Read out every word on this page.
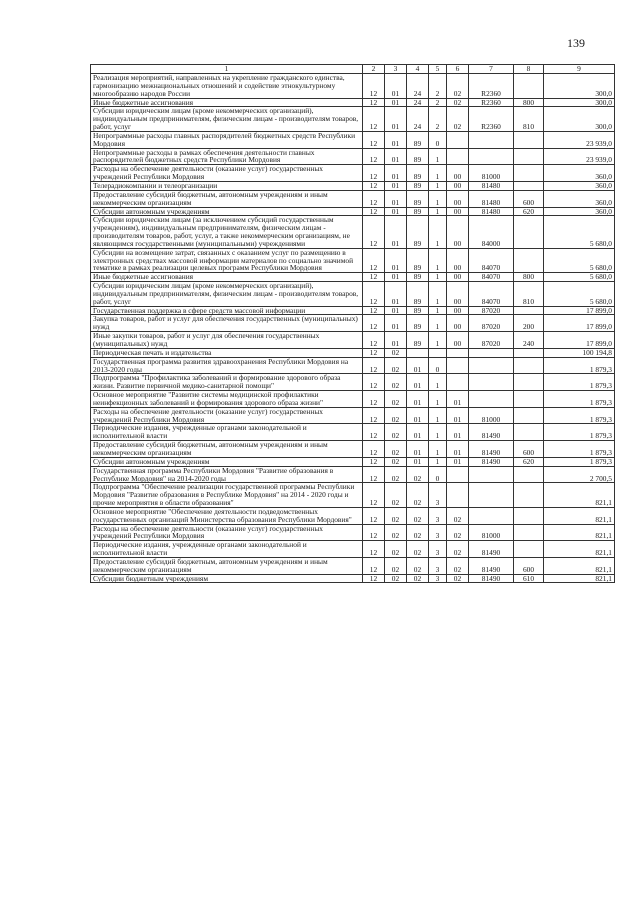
139
1	2	3	4	5	6	7	8	9
Реализация мероприятий, направленных на укрепление гражданского единства, гармонизацию межнациональных отношений и содействие этнокультурному многообразию народов России	12	01	24	2	02	R2360		300,0
Иные бюджетные ассигнования	12	01	24	2	02	R2360	800	300,0
Субсидии юридическим лицам (кроме некоммерческих организаций), индивидуальным предпринимателям, физическим лицам - производителям товаров, работ, услуг	12	01	24	2	02	R2360	810	300,0
Непрограммные расходы главных распорядителей бюджетных средств Республики Мордовия	12	01	89	0				23 939,0
Непрограммные расходы в рамках обеспечения деятельности главных распорядителей бюджетных средств Республики Мордовия	12	01	89	1				23 939,0
Расходы на обеспечение деятельности (оказание услуг) государственных учреждений Республики Мордовия	12	01	89	1	00	81000		360,0
Телерадиокомпании и телеорганизации	12	01	89	1	00	81480		360,0
Предоставление субсидий бюджетным, автономным учреждениям и иным некоммерческим организациям	12	01	89	1	00	81480	600	360,0
Субсидии автономным учреждениям	12	01	89	1	00	81480	620	360,0
Субсидии юридическим лицам (за исключением субсидий государственным учреждениям), индивидуальным предпринимателям, физическим лицам - производителям товаров, работ, услуг, а также некоммерческим организациям, не являющимся государственными (муниципальными) учреждениями	12	01	89	1	00	84000		5 680,0
Субсидии на возмещение затрат, связанных с оказанием услуг по размещению в электронных средствах массовой информации материалов по социально значимой тематике в рамках реализации целевых программ Республики Мордовия	12	01	89	1	00	84070		5 680,0
Иные бюджетные ассигнования	12	01	89	1	00	84070	800	5 680,0
Субсидии юридическим лицам (кроме некоммерческих организаций), индивидуальным предпринимателям, физическим лицам - производителям товаров, работ, услуг	12	01	89	1	00	84070	810	5 680,0
Государственная поддержка в сфере средств массовой информации	12	01	89	1	00	87020		17 899,0
Закупка товаров, работ и услуг для обеспечения государственных (муниципальных) нужд	12	01	89	1	00	87020	200	17 899,0
Иные закупки товаров, работ и услуг для обеспечения государственных (муниципальных) нужд	12	01	89	1	00	87020	240	17 899,0
Периодическая печать и издательства	12	02						100 194,8
Государственная программа развития здравоохранения Республики Мордовия на 2013-2020 годы	12	02	01	0				1 879,3
Подпрограмма "Профилактика заболеваний и формирование здорового образа жизни. Развитие первичной медико-санитарной помощи"	12	02	01	1				1 879,3
Основное мероприятие "Развитие системы медицинской профилактики неинфекционных заболеваний и формирования здорового образа жизни"	12	02	01	1	01			1 879,3
Расходы на обеспечение деятельности (оказание услуг) государственных учреждений Республики Мордовия	12	02	01	1	01	81000		1 879,3
Периодические издания, учрежденные органами законодательной и исполнительной власти	12	02	01	1	01	81490		1 879,3
Предоставление субсидий бюджетным, автономным учреждениям и иным некоммерческим организациям	12	02	01	1	01	81490	600	1 879,3
Субсидии автономным учреждениям	12	02	01	1	01	81490	620	1 879,3
Государственная программа Республики Мордовия "Развитие образования в Республике Мордовия" на 2014-2020 годы	12	02	02	0				2 700,5
Подпрограмма "Обеспечение реализации государственной программы Республики Мордовия "Развитие образования в Республике Мордовия" на 2014 - 2020 годы и прочие мероприятия в области образования"	12	02	02	3				821,1
Основное мероприятие "Обеспечение деятельности подведомственных государственных организаций Министерства образования Республики Мордовия"	12	02	02	3	02			821,1
Расходы на обеспечение деятельности (оказание услуг) государственных учреждений Республики Мордовия	12	02	02	3	02	81000		821,1
Периодические издания, учрежденные органами законодательной и исполнительной власти	12	02	02	3	02	81490		821,1
Предоставление субсидий бюджетным, автономным учреждениям и иным некоммерческим организациям	12	02	02	3	02	81490	600	821,1
Субсидии бюджетным учреждениям	12	02	02	3	02	81490	610	821,1
